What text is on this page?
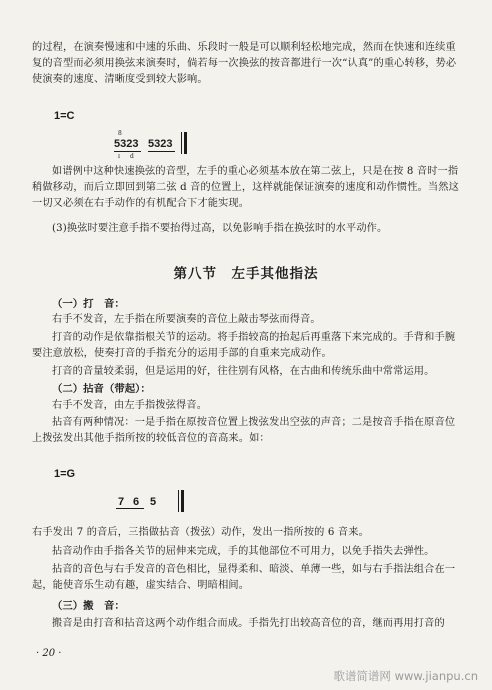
的过程，在演奏慢速和中速的乐曲、乐段时一般是可以顺利轻松地完成，然而在快速和连续重复的音型而必须用换弦来演奏时，倘若每一次换弦的按音都进行一次“认真”的重心转移，势必使演奏的速度、清晰度受到较大影响。

1=C
8
5323 5323
ɪ d

如谱例中这种快速换弦的音型，左手的重心必须基本放在第二弦上，只是在按 8 音时一指稍做移动，而后立即回到第二弦 d 音的位置上，这样就能保证演奏的速度和动作惯性。当然这一切又必须在右手动作的有机配合下才能实现。

(3)换弦时要注意手指不要抬得过高，以免影响手指在换弦时的水平动作。

第八节　左手其他指法
（一）打　音：

右手不发音，左手指在所要演奏的音位上敲击琴弦而得音。

打音的动作是依靠指根关节的运动。将手指较高的抬起后再重落下来完成的。手背和手腕要注意放松，使奏打音的手指充分的运用手部的自重来完成动作。

打音的音量较柔弱，但是运用的好，往往别有风格，在古曲和传统乐曲中常常运用。

（二）拈音（带起）：

右手不发音，由左手指拨弦得音。

拈音有两种情况：一是手指在原按音位置上拨弦发出空弦的声音；二是按音手指在原音位上拨弦发出其他手指所按的较低音位的音高来。如：

1=G
7 6 5

右手发出 7 的音后，三指做拈音（拨弦）动作，发出一指所按的 6 音来。

拈音动作由手指各关节的屈伸来完成，手的其他部位不可用力，以免手指失去弹性。

拈音的音色与右手发音的音色相比，显得柔和、暗淡、单薄一些，如与右手指法组合在一起，能使音乐生动有趣，虚实结合、明暗相间。

（三）搬　音：

搬音是由打音和拈音这两个动作组合而成。手指先打出较高音位的音，继而再用打音的

· 20 ·
歌谱简谱网 www.jianpu.cn
